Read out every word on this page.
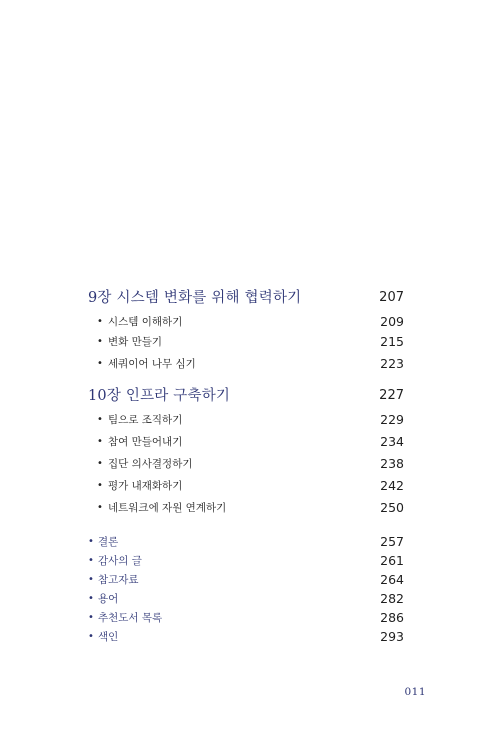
9장 시스템 변화를 위해 협력하기	207
• 시스템 이해하기	209
• 변화 만들기	215
• 세쿼이어 나무 심기	223
10장 인프라 구축하기	227
• 팀으로 조직하기	229
• 참여 만들어내기	234
• 집단 의사결정하기	238
• 평가 내재화하기	242
• 네트워크에 자원 연계하기	250
• 결론	257
• 감사의 글	261
• 참고자료	264
• 용어	282
• 추천도서 목록	286
• 색인	293
011
